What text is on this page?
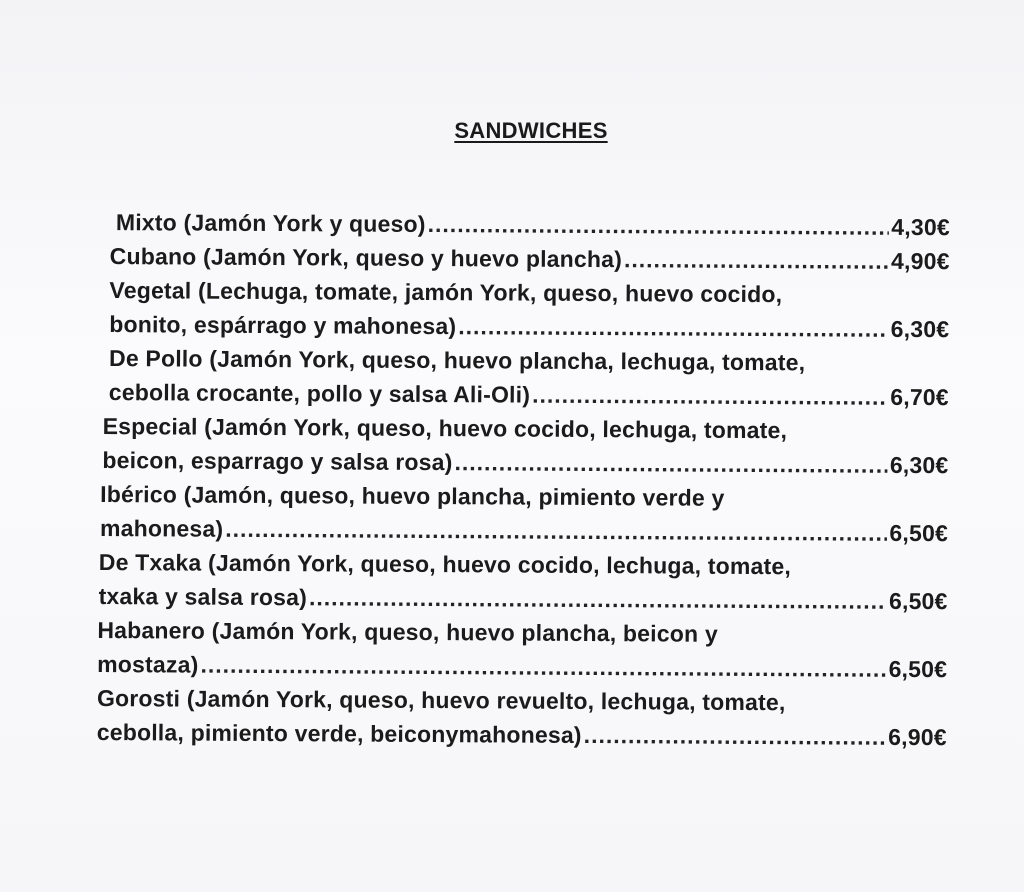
SANDWICHES
Mixto (Jamón York y queso) .....	4,30€
Cubano (Jamón York, queso y huevo plancha) .....	4,90€
Vegetal (Lechuga, tomate, jamón York, queso, huevo cocido,
bonito, espárrago y mahonesa) .....	6,30€
De Pollo (Jamón York, queso, huevo plancha, lechuga, tomate,
cebolla crocante, pollo y salsa Ali-Oli) .....	6,70€
Especial (Jamón York, queso, huevo cocido, lechuga, tomate,
beicon, esparrago y salsa rosa) .....	6,30€
Ibérico (Jamón, queso, huevo plancha, pimiento verde y
mahonesa) .....	6,50€
De Txaka (Jamón York, queso, huevo cocido, lechuga, tomate,
txaka y salsa rosa) .....	6,50€
Habanero (Jamón York, queso, huevo plancha, beicon y
mostaza) .....	6,50€
Gorosti (Jamón York, queso, huevo revuelto, lechuga, tomate,
cebolla, pimiento verde, beiconymahonesa) .....	6,90€
